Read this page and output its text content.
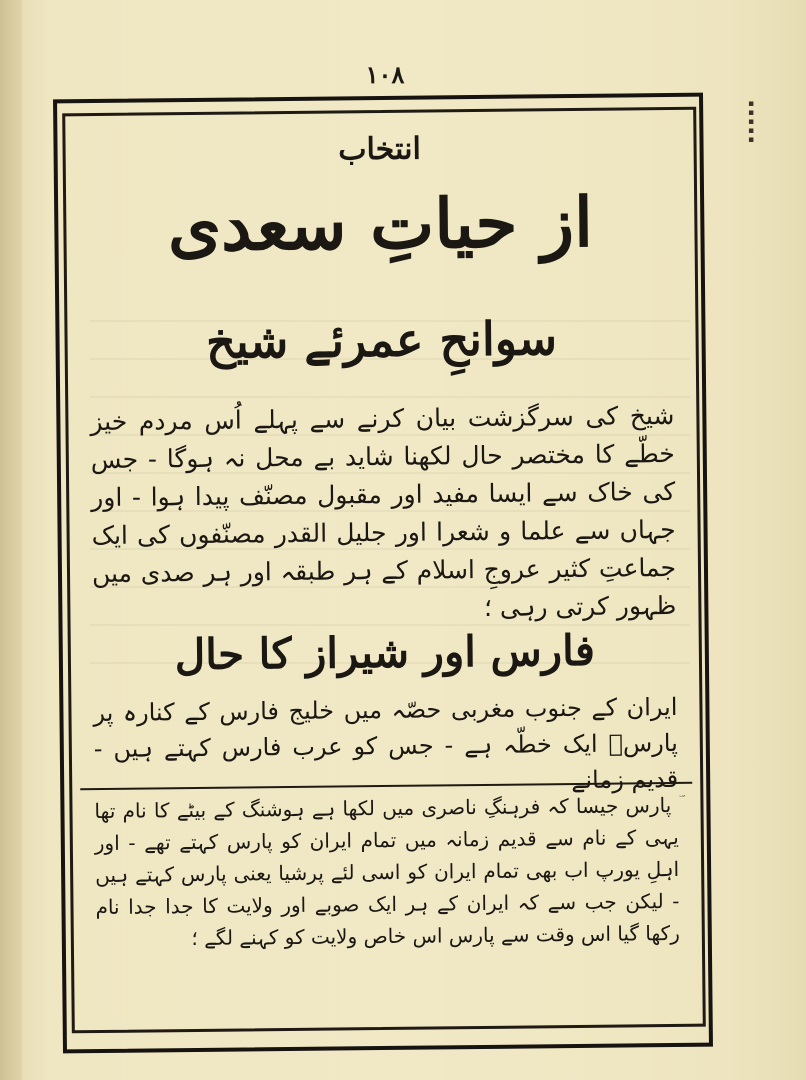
۱۰۸
▪
▪
▪
▪
▪
انتخاب
از حیاتِ سعدی
سوانحِ عمرئے شیخ
شیخ کی سرگزشت بیان کرنے سے پہلے اُس مردم خیز خطّے کا مختصر حال لکھنا شاید بے محل نہ ہوگا - جس کی خاک سے ایسا مفید اور مقبول مصنّف پیدا ہوا - اور جہاں سے علما و شعرا اور جلیل القدر مصنّفوں کی ایک جماعتِ کثیر عروجِ اسلام کے ہر طبقہ اور ہر صدی میں ظہور کرتی رہی ؛
فارس اور شیراز کا حال
ایران کے جنوب مغربی حصّہ میں خلیج فارس کے کنارہ پر پارسؔ ایک خطّہ ہے - جس کو عرب فارس کہتے ہیں - قدیم زمانے
ؔ پارس جیسا کہ فرہنگِ ناصری میں لکھا ہے ہوشنگ کے بیٹے کا نام تھا یہی کے نام سے قدیم زمانہ میں تمام ایران کو پارس کہتے تھے - اور اہلِ یورپ اب بھی تمام ایران کو اسی لئے پرشیا یعنی پارس کہتے ہیں - لیکن جب سے کہ ایران کے ہر ایک صوبے اور ولایت کا جدا جدا نام رکھا گیا اس وقت سے پارس اس خاص ولایت کو کہنے لگے ؛
